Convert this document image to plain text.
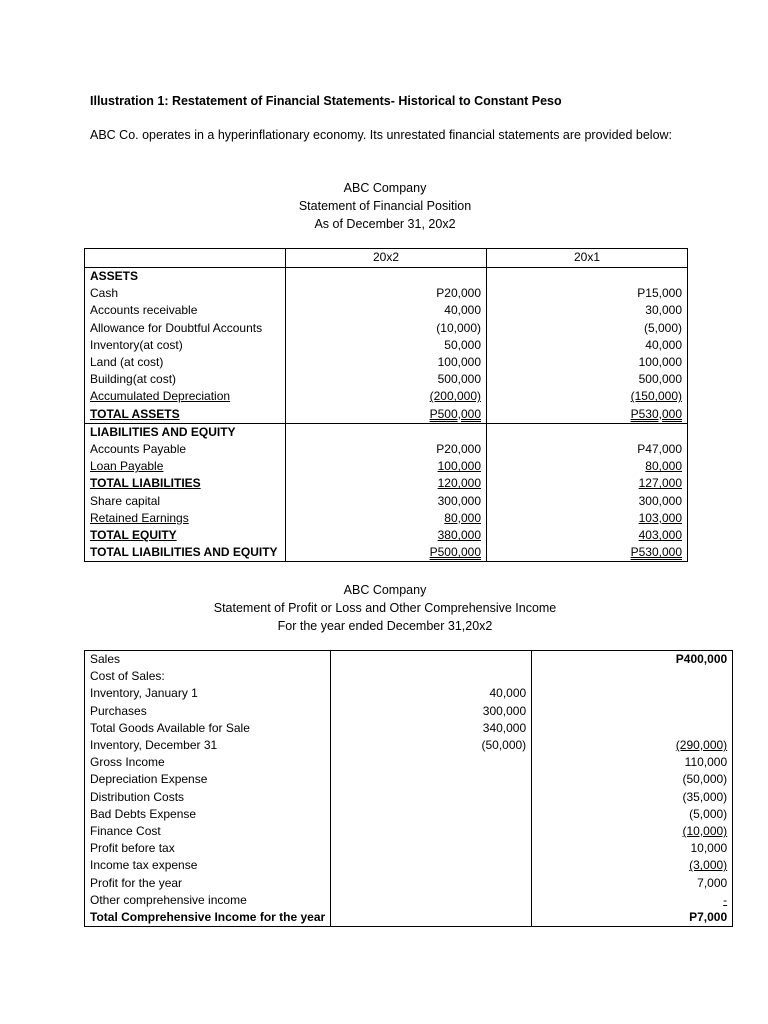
Illustration 1: Restatement of Financial Statements- Historical to Constant Peso
ABC Co. operates in a hyperinflationary economy. Its unrestated financial statements are provided below:
ABC Company
Statement of Financial Position
As of December 31, 20x2
	20x2	20x1
ASSETS		
Cash	P20,000	P15,000
Accounts receivable	40,000	30,000
Allowance for Doubtful Accounts	(10,000)	(5,000)
Inventory(at cost)	50,000	40,000
Land (at cost)	100,000	100,000
Building(at cost)	500,000	500,000
Accumulated Depreciation	(200,000)	(150,000)
TOTAL ASSETS	P500,000	P530,000
LIABILITIES AND EQUITY		
Accounts Payable	P20,000	P47,000
Loan Payable	100,000	80,000
TOTAL LIABILITIES	120,000	127,000
Share capital	300,000	300,000
Retained Earnings	80,000	103,000
TOTAL EQUITY	380,000	403,000
TOTAL LIABILITIES AND EQUITY	P500,000	P530,000
ABC Company
Statement of Profit or Loss and Other Comprehensive Income
For the year ended December 31,20x2
Sales		P400,000
Cost of Sales:		
Inventory, January 1	40,000	
Purchases	300,000	
Total Goods Available for Sale	340,000	
Inventory, December 31	(50,000)	(290,000)
Gross Income		110,000
Depreciation Expense		(50,000)
Distribution Costs		(35,000)
Bad Debts Expense		(5,000)
Finance Cost		(10,000)
Profit before tax		10,000
Income tax expense		(3,000)
Profit for the year		7,000
Other comprehensive income		-
Total Comprehensive Income for the year		P7,000
